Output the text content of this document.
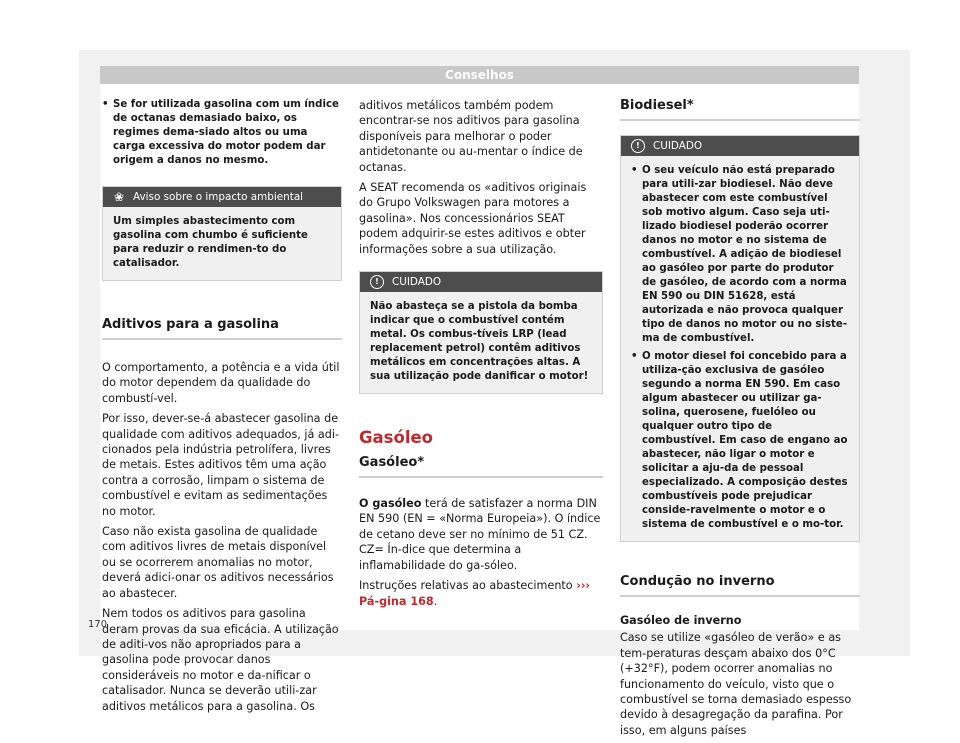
Conselhos
• Se for utilizada gasolina com um índice de octanas demasiado baixo, os regimes dema-siado altos ou uma carga excessiva do motor podem dar origem a danos no mesmo.
❀ Aviso sobre o impacto ambiental
Um simples abastecimento com gasolina com chumbo é suficiente para reduzir o rendimen-to do catalisador.
Aditivos para a gasolina

O comportamento, a potência e a vida útil do motor dependem da qualidade do combustí-vel.

Por isso, dever-se-á abastecer gasolina de qualidade com aditivos adequados, já adi-cionados pela indústria petrolífera, livres de metais. Estes aditivos têm uma ação contra a corrosão, limpam o sistema de combustível e evitam as sedimentações no motor.

Caso não exista gasolina de qualidade com aditivos livres de metais disponível ou se ocorrerem anomalias no motor, deverá adici-onar os aditivos necessários ao abastecer.

Nem todos os aditivos para gasolina deram provas da sua eficácia. A utilização de aditi-vos não apropriados para a gasolina pode provocar danos consideráveis no motor e da-nificar o catalisador. Nunca se deverão utili-zar aditivos metálicos para a gasolina. Os

aditivos metálicos também podem encontrar-se nos aditivos para gasolina disponíveis para melhorar o poder antidetonante ou au-mentar o índice de octanas.

A SEAT recomenda os «aditivos originais do Grupo Volkswagen para motores a gasolina». Nos concessionários SEAT podem adquirir-se estes aditivos e obter informações sobre a sua utilização.

!	CUIDADO
Não abasteça se a pistola da bomba indicar que o combustível contém metal. Os combus-tíveis LRP (lead replacement petrol) contêm aditivos metálicos em concentrações altas. A sua utilização pode danificar o motor!
Gasóleo
Gasóleo*

O gasóleo terá de satisfazer a norma DIN EN 590 (EN = «Norma Europeia»). O índice de cetano deve ser no mínimo de 51 CZ. CZ= Ín-dice que determina a inflamabilidade do ga-sóleo.

Instruções relativas ao abastecimento ››› Pá-gina 168.

Biodiesel*
!	CUIDADO
• O seu veículo não está preparado para utili-zar biodiesel. Não deve abastecer com este combustível sob motivo algum. Caso seja uti-lizado biodiesel poderão ocorrer danos no motor e no sistema de combustível. A adição de biodiesel ao gasóleo por parte do produtor de gasóleo, de acordo com a norma EN 590 ou DIN 51628, está autorizada e não provoca qualquer tipo de danos no motor ou no siste-ma de combustível.
• O motor diesel foi concebido para a utiliza-ção exclusiva de gasóleo segundo a norma EN 590. Em caso algum abastecer ou utilizar ga-solina, querosene, fuelóleo ou qualquer outro tipo de combustível. Em caso de engano ao abastecer, não ligar o motor e solicitar a aju-da de pessoal especializado. A composição destes combustíveis pode prejudicar conside-ravelmente o motor e o sistema de combustível e o mo-tor.
Condução no inverno
Gasóleo de inverno

Caso se utilize «gasóleo de verão» e as tem-peraturas desçam abaixo dos 0°C (+32°F), podem ocorrer anomalias no funcionamento do veículo, visto que o combustível se torna demasiado espesso devido à desagregação da parafina. Por isso, em alguns países

170
